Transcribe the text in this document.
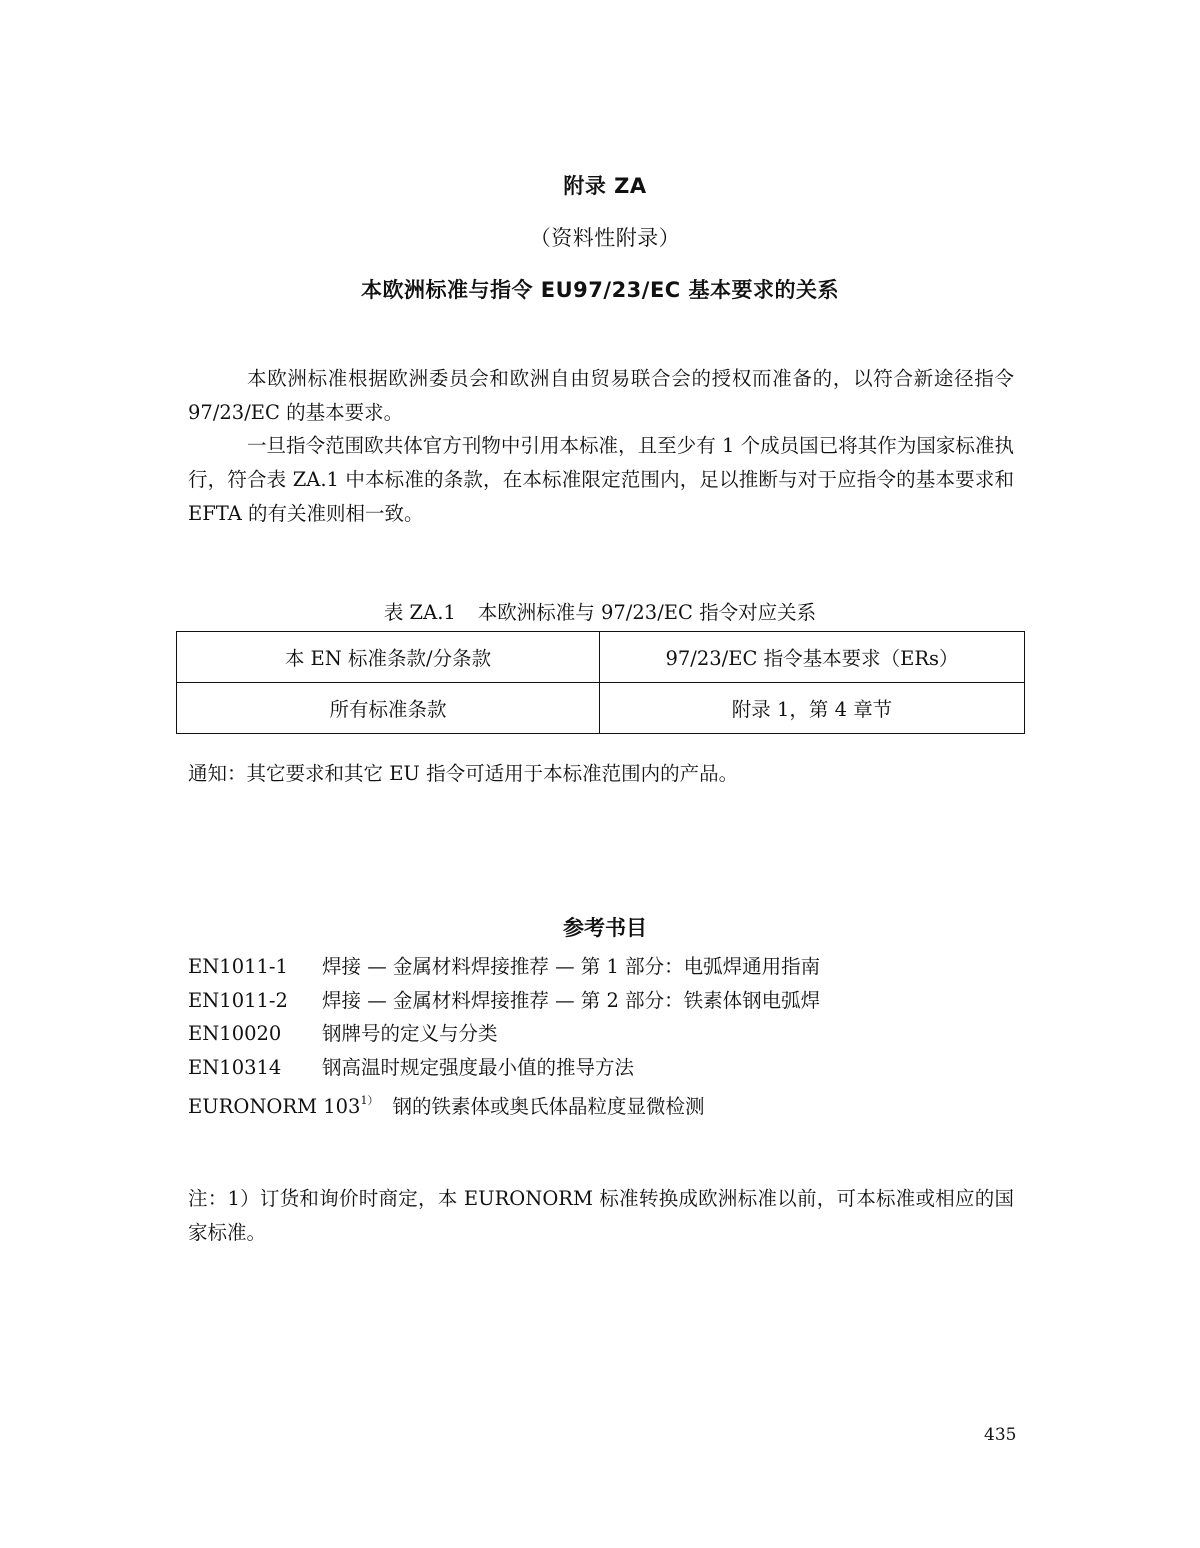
附录 ZA
（资料性附录）
本欧洲标准与指令 EU97/23/EC 基本要求的关系
本欧洲标准根据欧洲委员会和欧洲自由贸易联合会的授权而准备的，以符合新途径指令 97/23/EC 的基本要求。
一旦指令范围欧共体官方刊物中引用本标准，且至少有 1 个成员国已将其作为国家标准执行，符合表 ZA.1 中本标准的条款，在本标准限定范围内，足以推断与对于应指令的基本要求和 EFTA 的有关准则相一致。
表 ZA.1 本欧洲标准与 97/23/EC 指令对应关系
本 EN 标准条款/分条款	97/23/EC 指令基本要求（ERs）
所有标准条款	附录 1，第 4 章节
通知：其它要求和其它 EU 指令可适用于本标准范围内的产品。
参考书目
EN1011-1 焊接 — 金属材料焊接推荐 — 第 1 部分：电弧焊通用指南
EN1011-2 焊接 — 金属材料焊接推荐 — 第 2 部分：铁素体钢电弧焊
EN10020 钢牌号的定义与分类
EN10314 钢高温时规定强度最小值的推导方法
EURONORM $103^{1)}$ 钢的铁素体或奥氏体晶粒度显微检测
注：1）订货和询价时商定，本 EURONORM 标准转换成欧洲标准以前，可本标准或相应的国家标准。
435
